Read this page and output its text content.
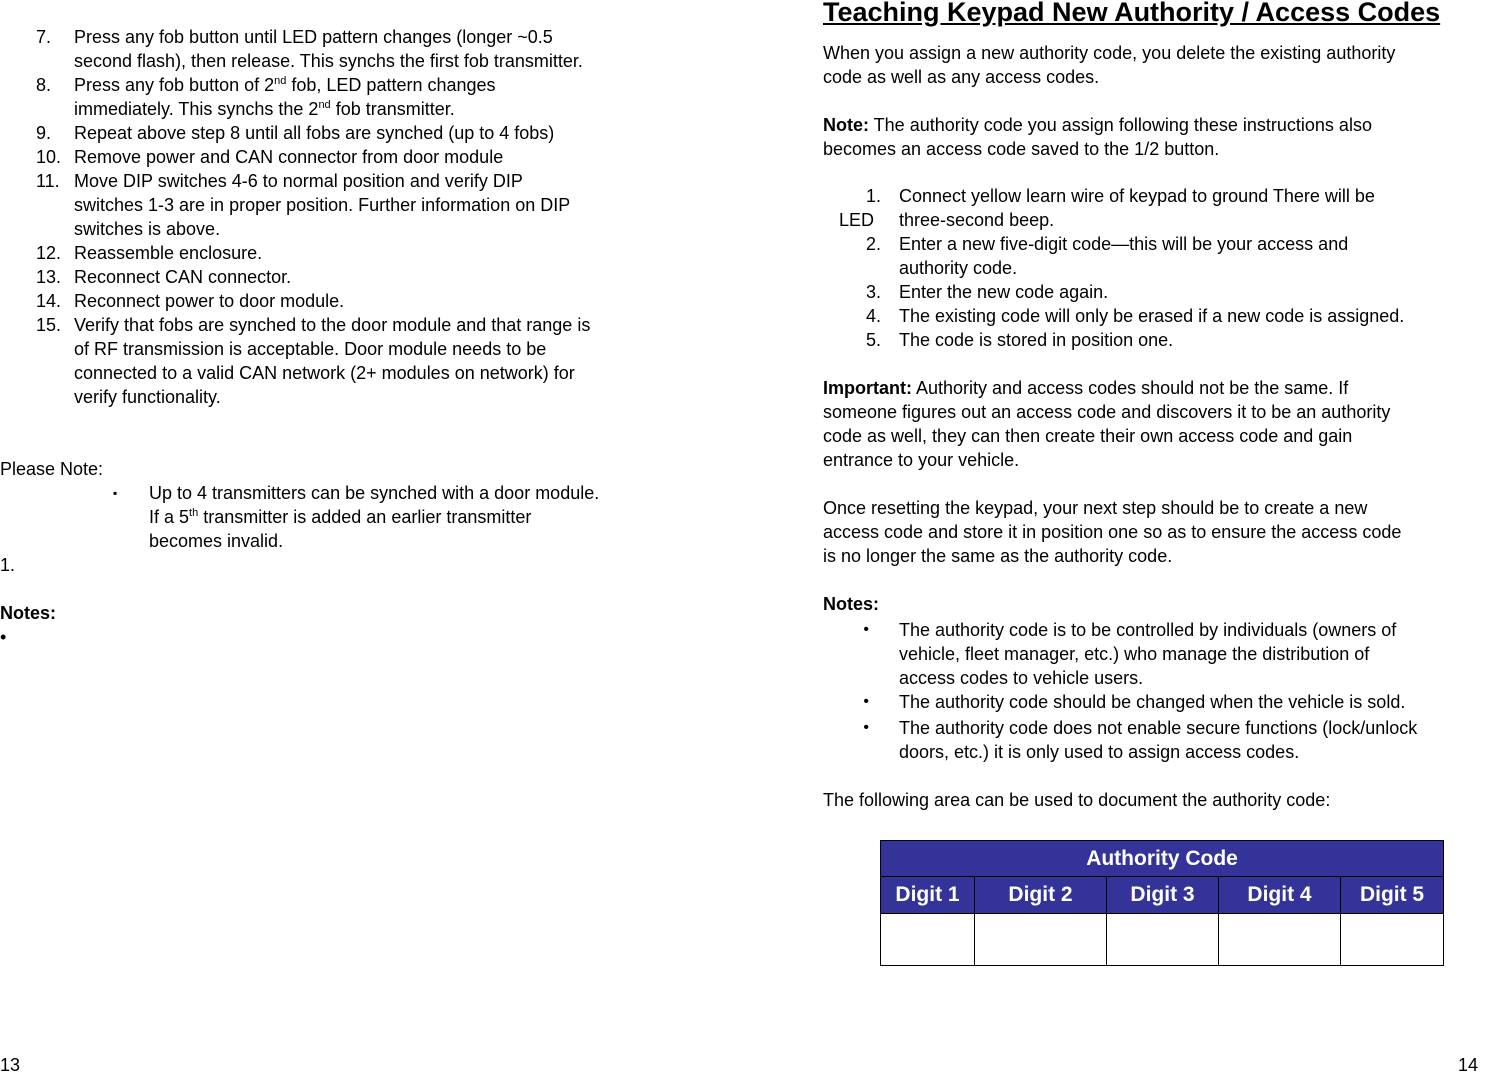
7.	Press any fob button until LED pattern changes (longer ~0.5
second flash), then release. This synchs the first fob transmitter.
8.	Press any fob button of 2nd fob, LED pattern changes
immediately. This synchs the 2nd fob transmitter.
9.	Repeat above step 8 until all fobs are synched (up to 4 fobs)
10. Remove power and CAN connector from door module
11. Move DIP switches 4-6 to normal position and verify DIP
switches 1-3 are in proper position. Further information on DIP
switches is above.
12. Reassemble enclosure.
13. Reconnect CAN connector.
14. Reconnect power to door module.
15. Verify that fobs are synched to the door module and that range is
of RF transmission is acceptable. Door module needs to be
connected to a valid CAN network (2+ modules on network) for
verify functionality.
Please Note:
▪ Up to 4 transmitters can be synched with a door module.
If a 5th transmitter is added an earlier transmitter
becomes invalid.
1.
Notes:
•
13
Teaching Keypad New Authority / Access Codes
When you assign a new authority code, you delete the existing authority
code as well as any access codes.
Note: The authority code you assign following these instructions also
becomes an access code saved to the 1/2 button.
1.
LED
Connect yellow learn wire of keypad to ground There will be
three-second beep.
2. Enter a new five-digit code—this will be your access and
authority code.
3. Enter the new code again.
4. The existing code will only be erased if a new code is assigned.
5. The code is stored in position one.
Important: Authority and access codes should not be the same. If
someone figures out an access code and discovers it to be an authority
code as well, they can then create their own access code and gain
entrance to your vehicle.
Once resetting the keypad, your next step should be to create a new
access code and store it in position one so as to ensure the access code
is no longer the same as the authority code.
Notes:
• The authority code is to be controlled by individuals (owners of
vehicle, fleet manager, etc.) who manage the distribution of
access codes to vehicle users.
• The authority code should be changed when the vehicle is sold.
• The authority code does not enable secure functions (lock/unlock
doors, etc.) it is only used to assign access codes.
The following area can be used to document the authority code:
Authority Code				
Digit 1	Digit 2	Digit 3	Digit 4	Digit 5

14
